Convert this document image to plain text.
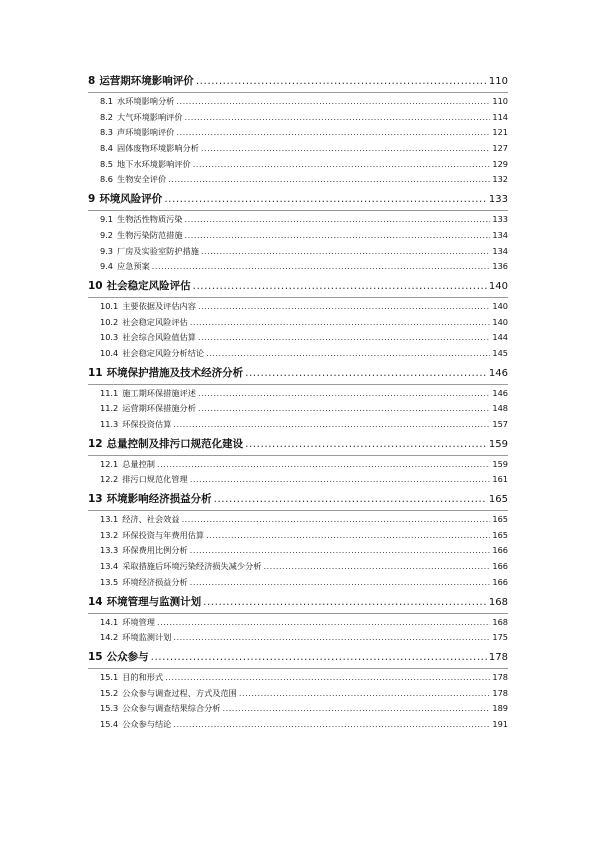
8 运营期环境影响评价 .....	110
8.1 水环境影响分析 .....	110
8.2 大气环境影响评价 .....	114
8.3 声环境影响评价 .....	121
8.4 固体废物环境影响分析 .....	127
8.5 地下水环境影响评价 .....	129
8.6 生物安全评价 .....	132
9 环境风险评价 .....	133
9.1 生物活性物质污染 .....	133
9.2 生物污染防范措施 .....	134
9.3 厂房及实验室防护措施 .....	134
9.4 应急预案 .....	136
10 社会稳定风险评估 .....	140
10.1 主要依据及评估内容 .....	140
10.2 社会稳定风险评估 .....	140
10.3 社会综合风险值估算 .....	144
10.4 社会稳定风险分析结论 .....	145
11 环境保护措施及技术经济分析 .....	146
11.1 施工期环保措施评述 .....	146
11.2 运营期环保措施分析 .....	148
11.3 环保投资估算 .....	157
12 总量控制及排污口规范化建设 .....	159
12.1 总量控制 .....	159
12.2 排污口规范化管理 .....	161
13 环境影响经济损益分析 .....	165
13.1 经济、社会效益 .....	165
13.2 环保投资与年费用估算 .....	165
13.3 环保费用比例分析 .....	166
13.4 采取措施后环境污染经济损失减少分析 .....	166
13.5 环境经济损益分析 .....	166
14 环境管理与监测计划 .....	168
14.1 环境管理 .....	168
14.2 环境监测计划 .....	175
15 公众参与 .....	178
15.1 目的和形式 .....	178
15.2 公众参与调查过程、方式及范围 .....	178
15.3 公众参与调查结果综合分析 .....	189
15.4 公众参与结论 .....	191
